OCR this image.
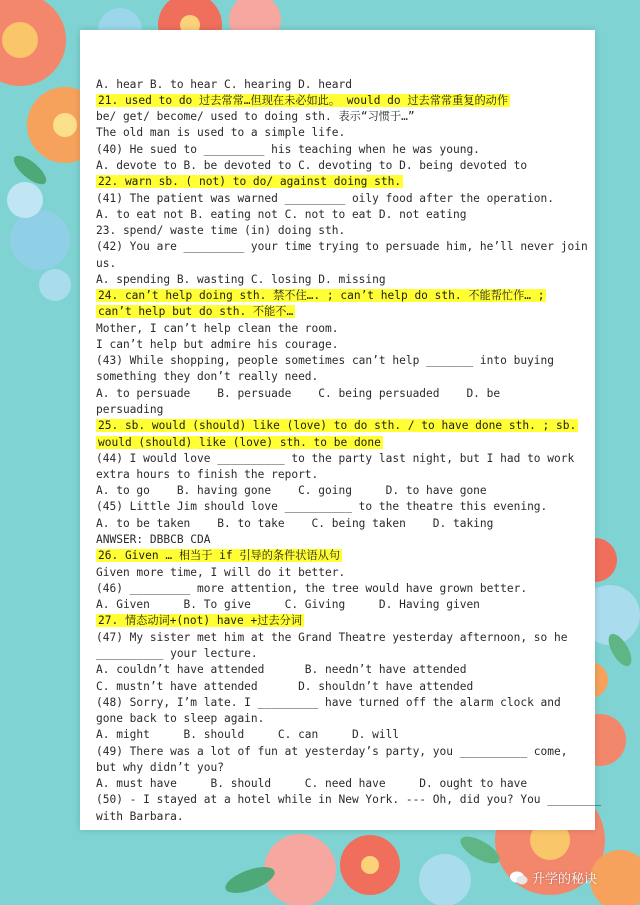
A. hear B. to hear C. hearing D. heard
21. used to do 过去常常…但现在未必如此。 would do 过去常常重复的动作
be/ get/ become/ used to doing sth. 表示“习惯于…”
The old man is used to a simple life.
(40) He sued to _________ his teaching when he was young.
A. devote to B. be devoted to C. devoting to D. being devoted to
22. warn sb. ( not) to do/ against doing sth.
(41) The patient was warned _________ oily food after the operation.
A. to eat not B. eating not C. not to eat D. not eating
23. spend/ waste time (in) doing sth.
(42) You are _________ your time trying to persuade him, he’ll never join
us.
A. spending B. wasting C. losing D. missing
24. can’t help doing sth. 禁不住…. ; can’t help do sth. 不能帮忙作… ;
can’t help but do sth. 不能不…
Mother, I can’t help clean the room.
I can’t help but admire his courage.
(43) While shopping, people sometimes can’t help _______ into buying
something they don’t really need.
A. to persuade    B. persuade    C. being persuaded    D. be
persuading
25. sb. would (should) like (love) to do sth. / to have done sth. ; sb.
would (should) like (love) sth. to be done
(44) I would love __________ to the party last night, but I had to work
extra hours to finish the report.
A. to go    B. having gone    C. going     D. to have gone
(45) Little Jim should love __________ to the theatre this evening.
A. to be taken    B. to take    C. being taken    D. taking
ANWSER: DBBCB CDA
26. Given … 相当于 if 引导的条件状语从句
Given more time, I will do it better.
(46) _________ more attention, the tree would have grown better.
A. Given     B. To give     C. Giving     D. Having given
27. 情态动词+(not) have +过去分词
(47) My sister met him at the Grand Theatre yesterday afternoon, so he
__________ your lecture.
A. couldn’t have attended      B. needn’t have attended
C. mustn’t have attended      D. shouldn’t have attended
(48) Sorry, I’m late. I _________ have turned off the alarm clock and
gone back to sleep again.
A. might     B. should     C. can     D. will
(49) There was a lot of fun at yesterday’s party, you __________ come,
but why didn’t you?
A. must have     B. should     C. need have     D. ought to have
(50) - I stayed at a hotel while in New York. --- Oh, did you? You ________
with Barbara.
升学的秘诀
